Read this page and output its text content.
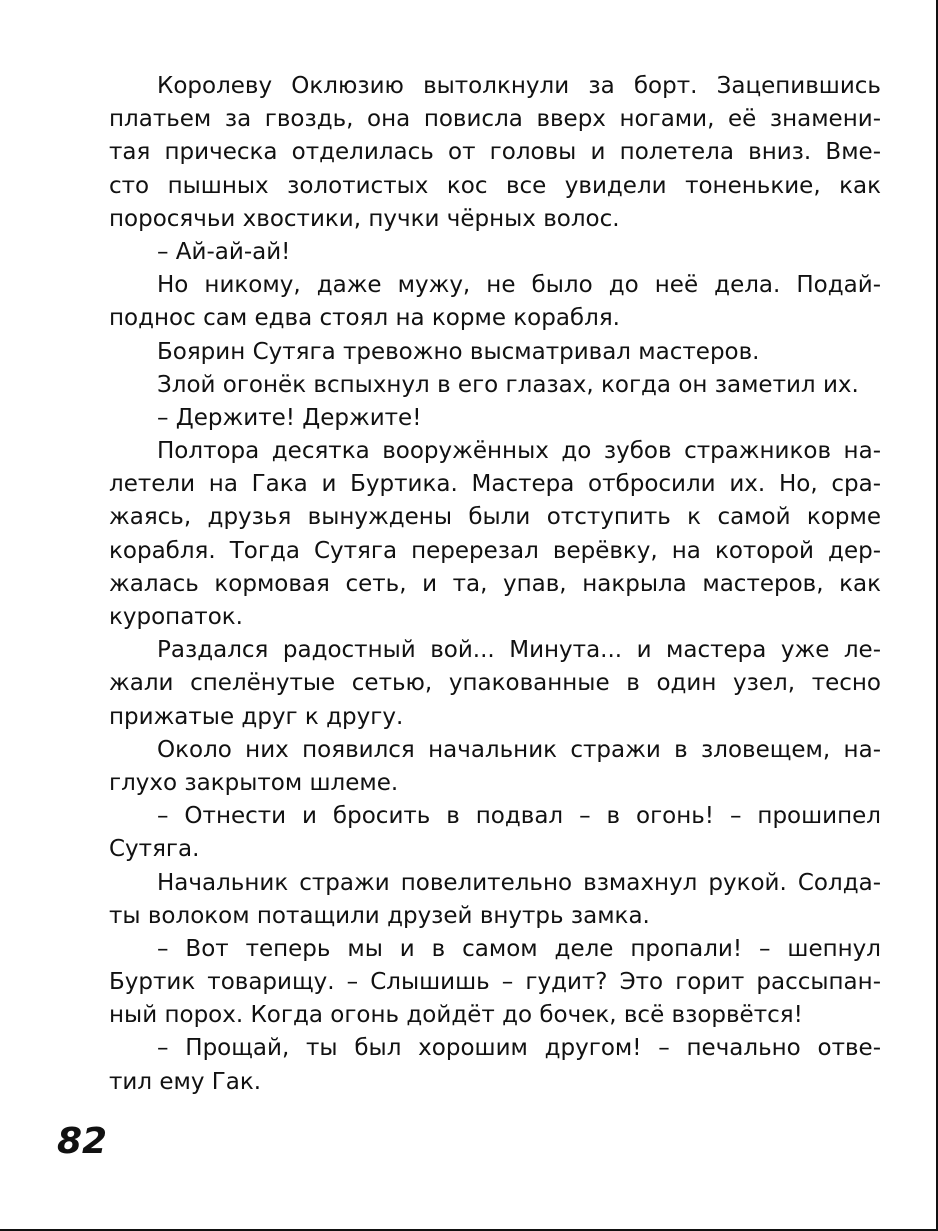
Королеву Оклюзию вытолкнули за борт. Зацепившись
платьем за гвоздь, она повисла вверх ногами, её знамени-
тая прическа отделилась от головы и полетела вниз. Вме-
сто пышных золотистых кос все увидели тоненькие, как
поросячьи хвостики, пучки чёрных волос.
– Ай-ай-ай!
Но никому, даже мужу, не было до неё дела. Подай-
поднос сам едва стоял на корме корабля.
Боярин Сутяга тревожно высматривал мастеров.
Злой огонёк вспыхнул в его глазах, когда он заметил их.
– Держите! Держите!
Полтора десятка вооружённых до зубов стражников на-
летели на Гака и Буртика. Мастера отбросили их. Но, сра-
жаясь, друзья вынуждены были отступить к самой корме
корабля. Тогда Сутяга перерезал верёвку, на которой дер-
жалась кормовая сеть, и та, упав, накрыла мастеров, как
куропаток.
Раздался радостный вой... Минута... и мастера уже ле-
жали спелёнутые сетью, упакованные в один узел, тесно
прижатые друг к другу.
Около них появился начальник стражи в зловещем, на-
глухо закрытом шлеме.
– Отнести и бросить в подвал – в огонь! – прошипел
Сутяга.
Начальник стражи повелительно взмахнул рукой. Солда-
ты волоком потащили друзей внутрь замка.
– Вот теперь мы и в самом деле пропали! – шепнул
Буртик товарищу. – Слышишь – гудит? Это горит рассыпан-
ный порох. Когда огонь дойдёт до бочек, всё взорвётся!
– Прощай, ты был хорошим другом! – печально отве-
тил ему Гак.
82
